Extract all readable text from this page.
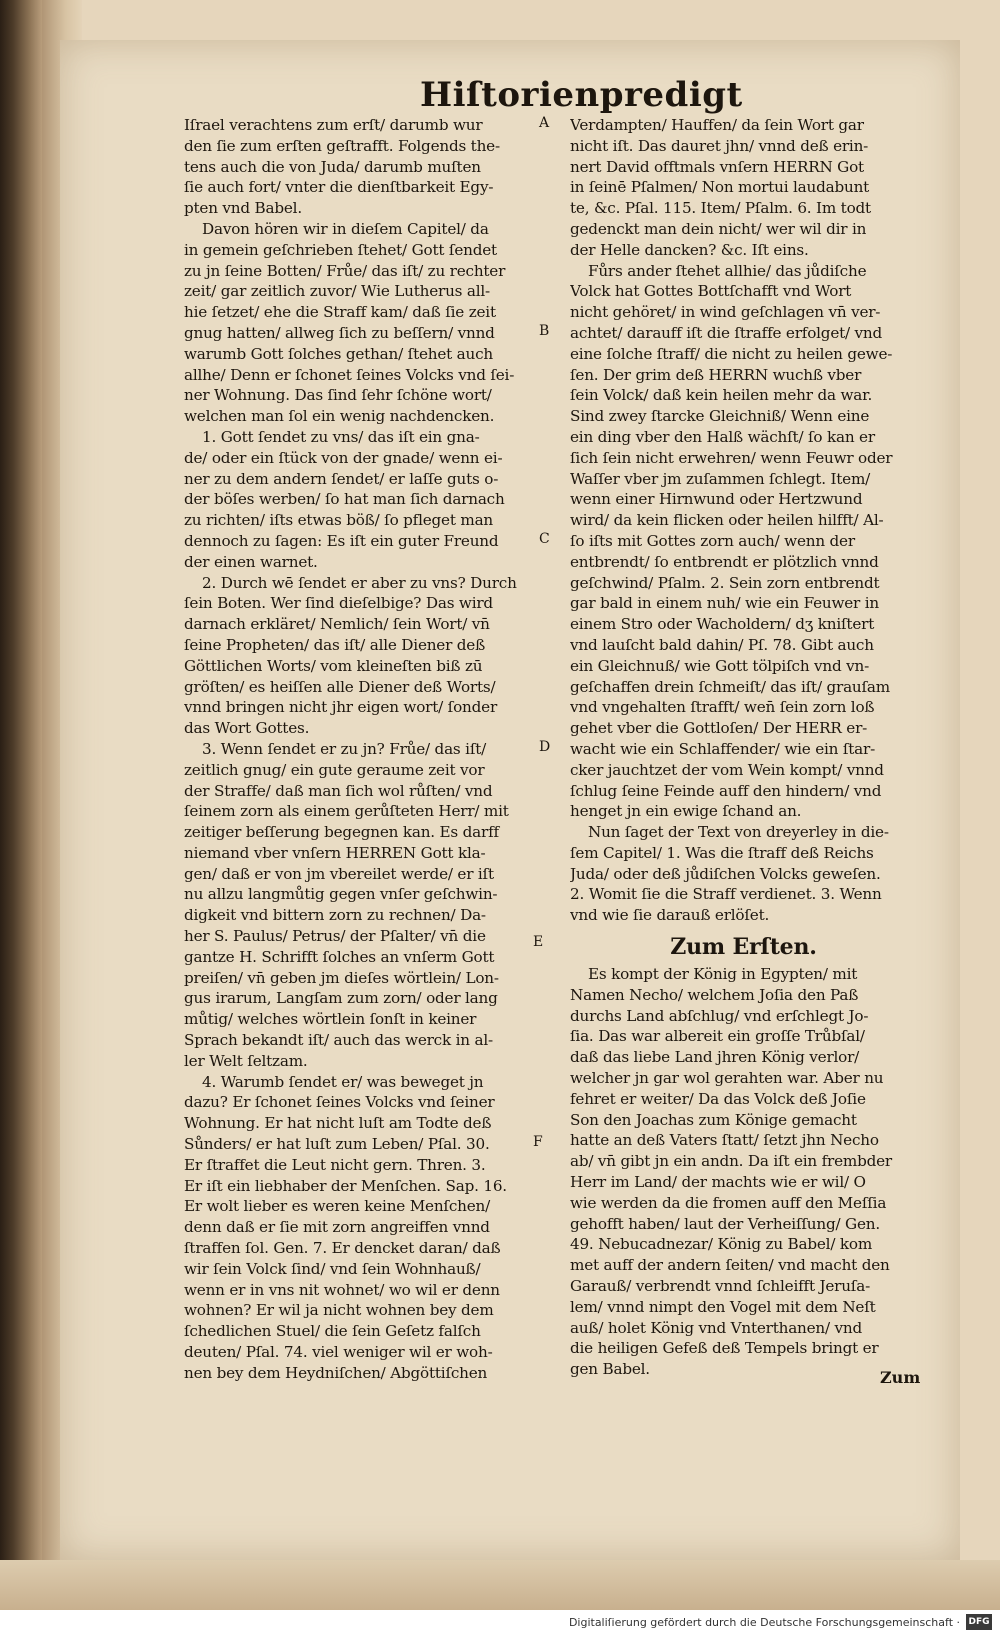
Hiſtorienpredigt
A
B
C
D
E
F
Iſrael verachtens zum erſt/ darumb wur
den ſie zum erſten geſtrafft. Folgends the-
tens auch die von Juda/ darumb muſten
ſie auch fort/ vnter die dienſtbarkeit Egy-
pten vnd Babel.
Davon hören wir in dieſem Capitel/ da
in gemein geſchrieben ſtehet/ Gott ſendet
zu jn ſeine Botten/ Frůe/ das iſt/ zu rechter
zeit/ gar zeitlich zuvor/ Wie Lutherus all-
hie ſetzet/ ehe die Straff kam/ daß ſie zeit
gnug hatten/ allweg ſich zu beſſern/ vnnd
warumb Gott ſolches gethan/ ſtehet auch
allhe/ Denn er ſchonet ſeines Volcks vnd ſei-
ner Wohnung. Das ſind ſehr ſchöne wort/
welchen man ſol ein wenig nachdencken.
1. Gott ſendet zu vns/ das iſt ein gna-
de/ oder ein ſtück von der gnade/ wenn ei-
ner zu dem andern ſendet/ er laſſe guts o-
der böſes werben/ ſo hat man ſich darnach
zu richten/ iſts etwas böß/ ſo pfleget man
dennoch zu ſagen: Es iſt ein guter Freund
der einen warnet.
2. Durch wē ſendet er aber zu vns? Durch
ſein Boten. Wer ſind dieſelbige? Das wird
darnach erkläret/ Nemlich/ ſein Wort/ vn̄
ſeine Propheten/ das iſt/ alle Diener deß
Göttlichen Worts/ vom kleineſten biß zū
gröſten/ es heiſſen alle Diener deß Worts/
vnnd bringen nicht jhr eigen wort/ ſonder
das Wort Gottes.
3. Wenn ſendet er zu jn? Frůe/ das iſt/
zeitlich gnug/ ein gute geraume zeit vor
der Straffe/ daß man ſich wol růſten/ vnd
ſeinem zorn als einem gerůſteten Herr/ mit
zeitiger beſſerung begegnen kan. Es darff
niemand vber vnſern HERREN Gott kla-
gen/ daß er von jm vbereilet werde/ er iſt
nu allzu langmůtig gegen vnſer geſchwin-
digkeit vnd bittern zorn zu rechnen/ Da-
her S. Paulus/ Petrus/ der Pſalter/ vn̄ die
gantze H. Schrifft ſolches an vnſerm Gott
preiſen/ vn̄ geben jm dieſes wörtlein/ Lon-
gus irarum, Langſam zum zorn/ oder lang
můtig/ welches wörtlein ſonſt in keiner
Sprach bekandt iſt/ auch das werck in al-
ler Welt ſeltzam.
4. Warumb ſendet er/ was beweget jn
dazu? Er ſchonet ſeines Volcks vnd ſeiner
Wohnung. Er hat nicht luſt am Todte deß
Sůnders/ er hat luſt zum Leben/ Pſal. 30.
Er ſtraffet die Leut nicht gern. Thren. 3.
Er iſt ein liebhaber der Menſchen. Sap. 16.
Er wolt lieber es weren keine Menſchen/
denn daß er ſie mit zorn angreiffen vnnd
ſtraffen ſol. Gen. 7. Er dencket daran/ daß
wir ſein Volck ſind/ vnd ſein Wohnhauß/
wenn er in vns nit wohnet/ wo wil er denn
wohnen? Er wil ja nicht wohnen bey dem
ſchedlichen Stuel/ die ſein Geſetz falſch
deuten/ Pſal. 74. viel weniger wil er woh-
nen bey dem Heydniſchen/ Abgöttiſchen
Verdampten/ Hauffen/ da ſein Wort gar
nicht iſt. Das dauret jhn/ vnnd deß erin-
nert David offtmals vnſern HERRN Got
in ſeinē Pſalmen/ Non mortui laudabunt
te, &c. Pſal. 115. Item/ Pſalm. 6. Im todt
gedenckt man dein nicht/ wer wil dir in
der Helle dancken? &c. Iſt eins.
Fůrs ander ſtehet allhie/ das jůdiſche
Volck hat Gottes Bottſchafft vnd Wort
nicht gehöret/ in wind geſchlagen vn̄ ver-
achtet/ darauff iſt die ſtraffe erfolget/ vnd
eine ſolche ſtraff/ die nicht zu heilen gewe-
ſen. Der grim deß HERRN wuchß vber
ſein Volck/ daß kein heilen mehr da war.
Sind zwey ſtarcke Gleichniß/ Wenn eine
ein ding vber den Halß wächſt/ ſo kan er
ſich ſein nicht erwehren/ wenn Feuwr oder
Waſſer vber jm zuſammen ſchlegt. Item/
wenn einer Hirnwund oder Hertzwund
wird/ da kein flicken oder heilen hilfft/ Al-
ſo iſts mit Gottes zorn auch/ wenn der
entbrendt/ ſo entbrendt er plötzlich vnnd
geſchwind/ Pſalm. 2. Sein zorn entbrendt
gar bald in einem nuh/ wie ein Feuwer in
einem Stro oder Wacholdern/ dʒ kniſtert
vnd lauſcht bald dahin/ Pſ. 78. Gibt auch
ein Gleichnuß/ wie Gott tölpiſch vnd vn-
geſchaffen drein ſchmeiſt/ das iſt/ grauſam
vnd vngehalten ſtrafft/ wen̄ ſein zorn loß
gehet vber die Gottloſen/ Der HERR er-
wacht wie ein Schlaffender/ wie ein ſtar-
cker jauchtzet der vom Wein kompt/ vnnd
ſchlug ſeine Feinde auff den hindern/ vnd
henget jn ein ewige ſchand an.
Nun ſaget der Text von dreyerley in die-
ſem Capitel/ 1. Was die ſtraff deß Reichs
Juda/ oder deß jůdiſchen Volcks geweſen.
2. Womit ſie die Straff verdienet. 3. Wenn
vnd wie ſie darauß erlöſet.
Zum Erſten.
Es kompt der König in Egypten/ mit
Namen Necho/ welchem Joſia den Paß
durchs Land abſchlug/ vnd erſchlegt Jo-
ſia. Das war albereit ein groſſe Trůbſal/
daß das liebe Land jhren König verlor/
welcher jn gar wol gerahten war. Aber nu
fehret er weiter/ Da das Volck deß Joſie
Son den Joachas zum Könige gemacht
hatte an deß Vaters ſtatt/ ſetzt jhn Necho
ab/ vn̄ gibt jn ein andn. Da iſt ein frembder
Herr im Land/ der machts wie er wil/ O
wie werden da die fromen auff den Meſſia
gehofft haben/ laut der Verheiſſung/ Gen.
49. Nebucadnezar/ König zu Babel/ kom
met auff der andern ſeiten/ vnd macht den
Garauß/ verbrendt vnnd ſchleifft Jeruſa-
lem/ vnnd nimpt den Vogel mit dem Neſt
auß/ holet König vnd Vnterthanen/ vnd
die heiligen Gefeß deß Tempels bringt er
gen Babel.	Zum
Digitaliſierung gefördert durch die Deutsche Forschungsgemeinschaft · DFG
